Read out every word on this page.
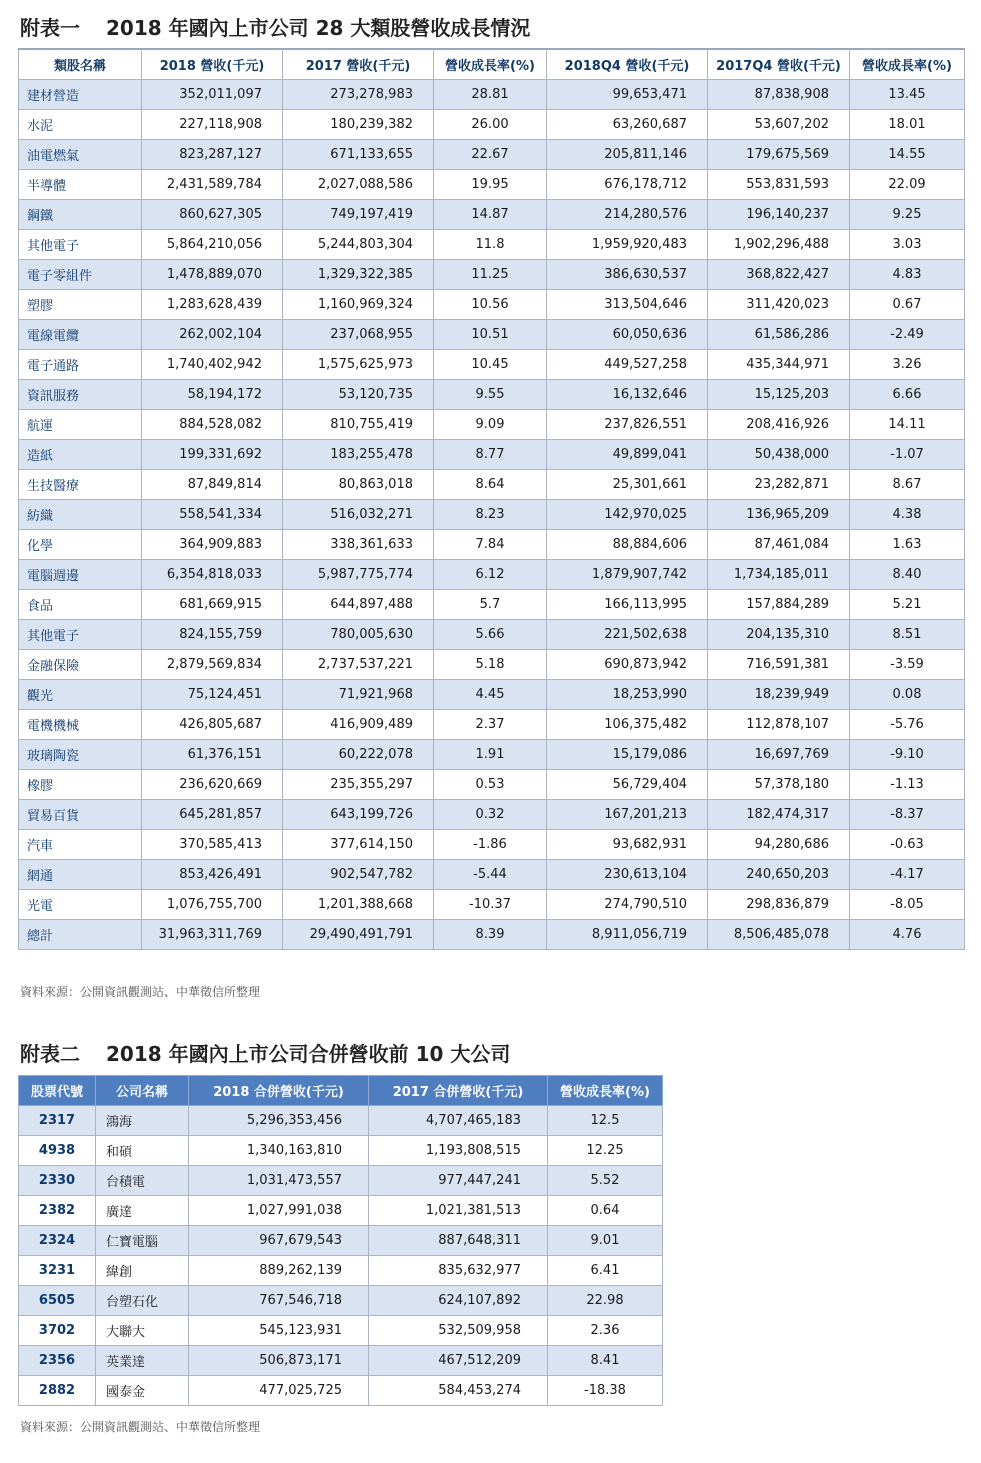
附表一 2018 年國內上市公司 28 大類股營收成長情況
類股名稱	2018 營收(千元)	2017 營收(千元)	營收成長率(%)	2018Q4 營收(千元)	2017Q4 營收(千元)	營收成長率(%)
建材營造	352,011,097	273,278,983	28.81	99,653,471	87,838,908	13.45
水泥	227,118,908	180,239,382	26.00	63,260,687	53,607,202	18.01
油電燃氣	823,287,127	671,133,655	22.67	205,811,146	179,675,569	14.55
半導體	2,431,589,784	2,027,088,586	19.95	676,178,712	553,831,593	22.09
鋼鐵	860,627,305	749,197,419	14.87	214,280,576	196,140,237	9.25
其他電子	5,864,210,056	5,244,803,304	11.8	1,959,920,483	1,902,296,488	3.03
電子零組件	1,478,889,070	1,329,322,385	11.25	386,630,537	368,822,427	4.83
塑膠	1,283,628,439	1,160,969,324	10.56	313,504,646	311,420,023	0.67
電線電纜	262,002,104	237,068,955	10.51	60,050,636	61,586,286	-2.49
電子通路	1,740,402,942	1,575,625,973	10.45	449,527,258	435,344,971	3.26
資訊服務	58,194,172	53,120,735	9.55	16,132,646	15,125,203	6.66
航運	884,528,082	810,755,419	9.09	237,826,551	208,416,926	14.11
造紙	199,331,692	183,255,478	8.77	49,899,041	50,438,000	-1.07
生技醫療	87,849,814	80,863,018	8.64	25,301,661	23,282,871	8.67
紡織	558,541,334	516,032,271	8.23	142,970,025	136,965,209	4.38
化學	364,909,883	338,361,633	7.84	88,884,606	87,461,084	1.63
電腦週邊	6,354,818,033	5,987,775,774	6.12	1,879,907,742	1,734,185,011	8.40
食品	681,669,915	644,897,488	5.7	166,113,995	157,884,289	5.21
其他電子	824,155,759	780,005,630	5.66	221,502,638	204,135,310	8.51
金融保險	2,879,569,834	2,737,537,221	5.18	690,873,942	716,591,381	-3.59
觀光	75,124,451	71,921,968	4.45	18,253,990	18,239,949	0.08
電機機械	426,805,687	416,909,489	2.37	106,375,482	112,878,107	-5.76
玻璃陶瓷	61,376,151	60,222,078	1.91	15,179,086	16,697,769	-9.10
橡膠	236,620,669	235,355,297	0.53	56,729,404	57,378,180	-1.13
貿易百貨	645,281,857	643,199,726	0.32	167,201,213	182,474,317	-8.37
汽車	370,585,413	377,614,150	-1.86	93,682,931	94,280,686	-0.63
網通	853,426,491	902,547,782	-5.44	230,613,104	240,650,203	-4.17
光電	1,076,755,700	1,201,388,668	-10.37	274,790,510	298,836,879	-8.05
總計	31,963,311,769	29,490,491,791	8.39	8,911,056,719	8,506,485,078	4.76
資料來源：公開資訊觀測站、中華徵信所整理
附表二 2018 年國內上市公司合併營收前 10 大公司
股票代號	公司名稱	2018 合併營收(千元)	2017 合併營收(千元)	營收成長率(%)
2317	鴻海	5,296,353,456	4,707,465,183	12.5
4938	和碩	1,340,163,810	1,193,808,515	12.25
2330	台積電	1,031,473,557	977,447,241	5.52
2382	廣達	1,027,991,038	1,021,381,513	0.64
2324	仁寶電腦	967,679,543	887,648,311	9.01
3231	緯創	889,262,139	835,632,977	6.41
6505	台塑石化	767,546,718	624,107,892	22.98
3702	大聯大	545,123,931	532,509,958	2.36
2356	英業達	506,873,171	467,512,209	8.41
2882	國泰金	477,025,725	584,453,274	-18.38
資料來源：公開資訊觀測站、中華徵信所整理
